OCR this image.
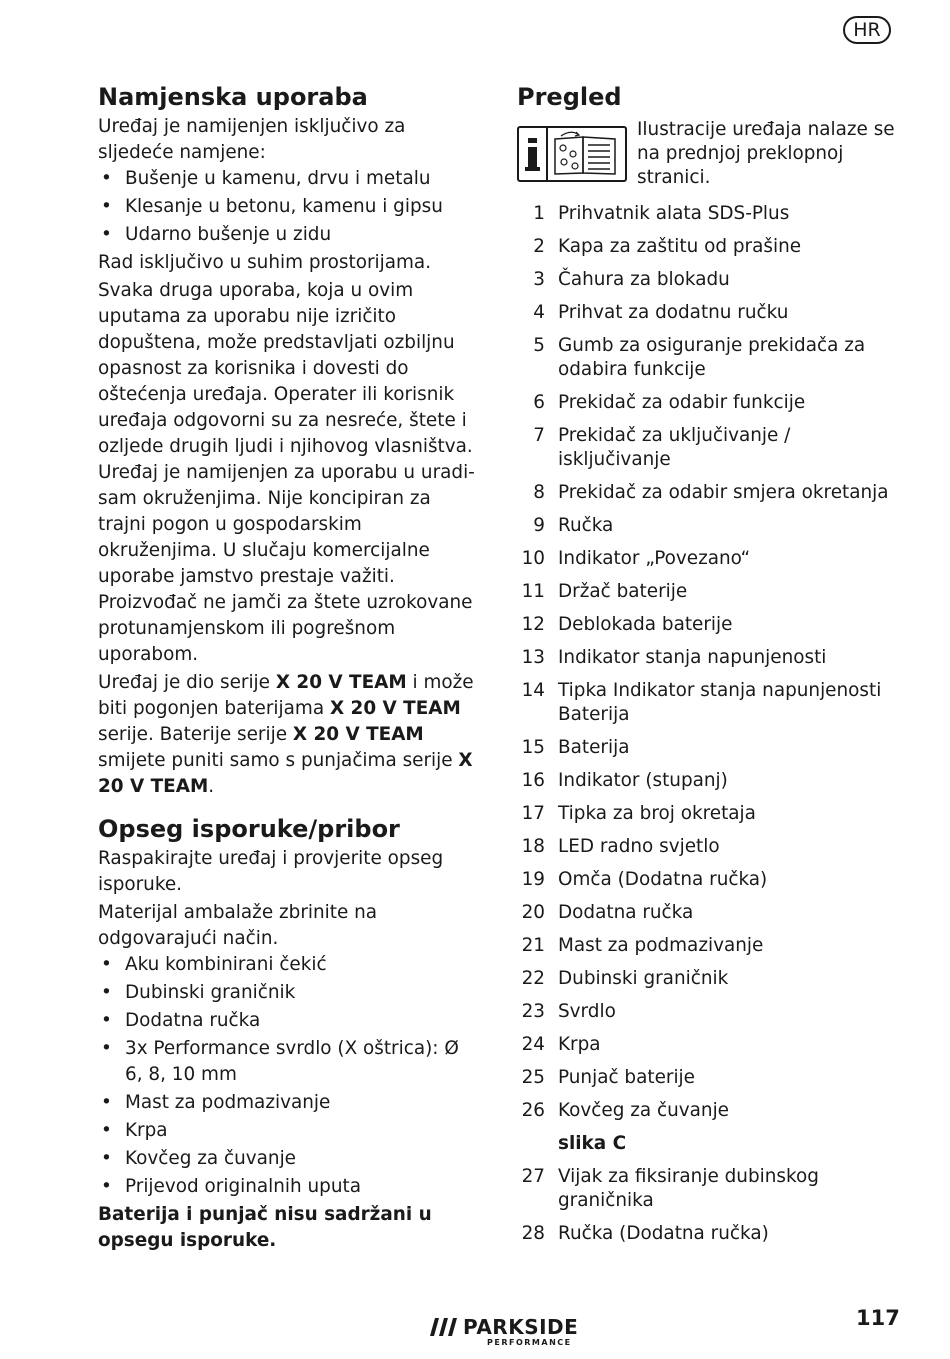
HR
Namjenska uporaba

Uređaj je namijenjen isključivo za sljedeće namjene:

• Bušenje u kamenu, drvu i metalu
• Klesanje u betonu, kamenu i gipsu
• Udarno bušenje u zidu

Rad isključivo u suhim prostorijama.

Svaka druga uporaba, koja u ovim uputama za uporabu nije izričito dopuštena, može predstavljati ozbiljnu opasnost za korisnika i dovesti do oštećenja uređaja. Operater ili korisnik uređaja odgovorni su za nesreće, štete i ozljede drugih ljudi i njihovog vlasništva. Uređaj je namijenjen za uporabu u uradi-sam okruženjima. Nije koncipiran za trajni pogon u gospodarskim okruženjima. U slučaju komercijalne uporabe jamstvo prestaje važiti. Proizvođač ne jamči za štete uzrokovane protunamjenskom ili pogrešnom uporabom.

Uređaj je dio serije X 20 V TEAM i može biti pogonjen baterijama X 20 V TEAM serije. Baterije serije X 20 V TEAM smijete puniti samo s punjačima serije X 20 V TEAM.

Opseg isporuke/pribor

Raspakirajte uređaj i provjerite opseg isporuke.

Materijal ambalaže zbrinite na odgovarajući način.

• Aku kombinirani čekić
• Dubinski graničnik
• Dodatna ručka
• 3x Performance svrdlo (X oštrica): Ø 6, 8, 10 mm
• Mast za podmazivanje
• Krpa
• Kovčeg za čuvanje
• Prijevod originalnih uputa

Baterija i punjač nisu sadržani u opsegu isporuke.

Pregled
Ilustracije uređaja nalaze se na prednjoj preklopnoj stranici.
1 Prihvatnik alata SDS-Plus
2 Kapa za zaštitu od prašine
3 Čahura za blokadu
4 Prihvat za dodatnu ručku
5 Gumb za osiguranje prekidača za odabira funkcije
6 Prekidač za odabir funkcije
7 Prekidač za uključivanje / isključivanje
8 Prekidač za odabir smjera okretanja
9 Ručka
10 Indikator „Povezano“
11 Držač baterije
12 Deblokada baterije
13 Indikator stanja napunjenosti
14 Tipka Indikator stanja napunjenosti Baterija
15 Baterija
16 Indikator (stupanj)
17 Tipka za broj okretaja
18 LED radno svjetlo
19 Omča (Dodatna ručka)
20 Dodatna ručka
21 Mast za podmazivanje
22 Dubinski graničnik
23 Svrdlo
24 Krpa
25 Punjač baterije
26 Kovčeg za čuvanje
slika C
27 Vijak za fiksiranje dubinskog graničnika
28 Ručka (Dodatna ručka)
PARKSIDE
PERFORMANCE
117
